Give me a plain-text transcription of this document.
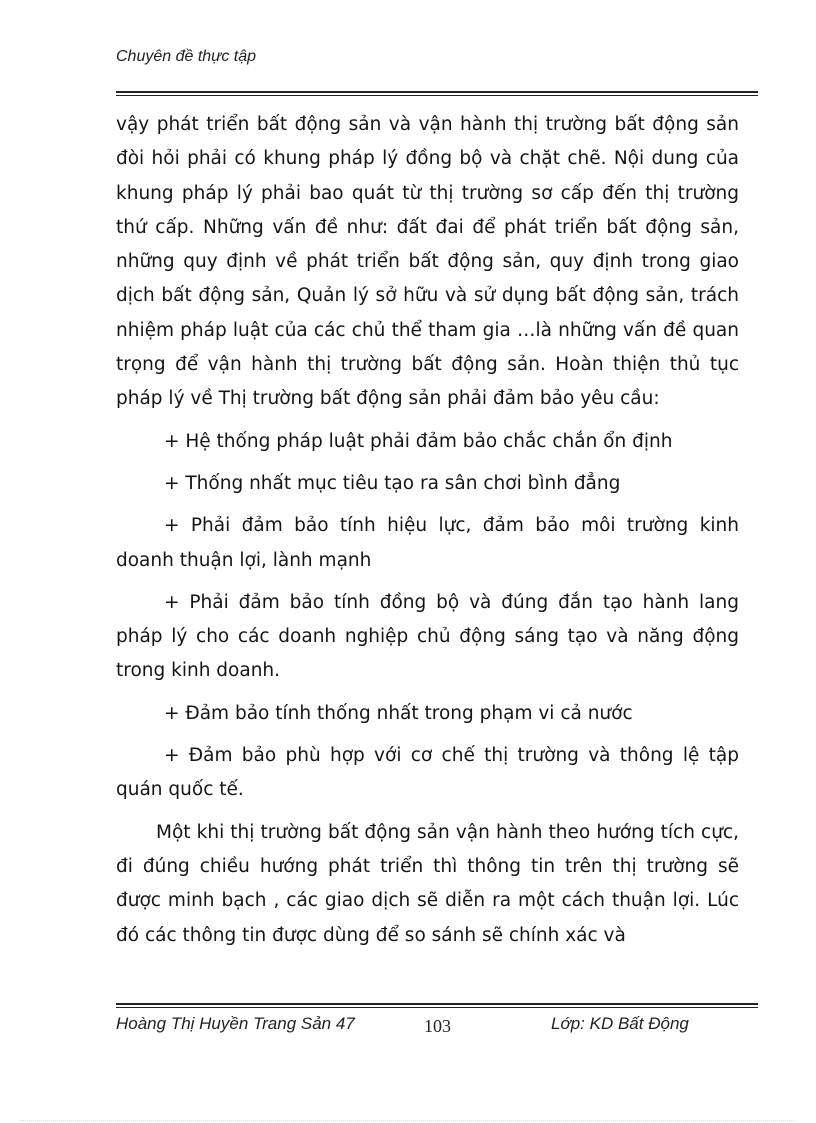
Chuyên đề thực tập

vậy phát triển bất động sản và vận hành thị trường bất động sản đòi hỏi phải có khung pháp lý đồng bộ và chặt chẽ. Nội dung của khung pháp lý phải bao quát từ thị trường sơ cấp đến thị trường thứ cấp. Những vấn đề như: đất đai để phát triển bất động sản, những quy định về phát triển bất động sản, quy định trong giao dịch bất động sản, Quản lý sở hữu và sử dụng bất động sản, trách nhiệm pháp luật của các chủ thể tham gia …là những vấn đề quan trọng để vận hành thị trường bất động sản. Hoàn thiện thủ tục pháp lý về Thị trường bất động sản phải đảm bảo yêu cầu:

+ Hệ thống pháp luật phải đảm bảo chắc chắn ổn định

+ Thống nhất mục tiêu tạo ra sân chơi bình đẳng

+ Phải đảm bảo tính hiệu lực, đảm bảo môi trường kinh doanh thuận lợi, lành mạnh

+ Phải đảm bảo tính đồng bộ và đúng đắn tạo hành lang pháp lý cho các doanh nghiệp chủ động sáng tạo và năng động trong kinh doanh.

+ Đảm bảo tính thống nhất trong phạm vi cả nước

+ Đảm bảo phù hợp với cơ chế thị trường và thông lệ tập quán quốc tế.

Một khi thị trường bất động sản vận hành theo hướng tích cực, đi đúng chiều hướng phát triển thì thông tin trên thị trường sẽ được minh bạch , các giao dịch sẽ diễn ra một cách thuận lợi. Lúc đó các thông tin được dùng để so sánh sẽ chính xác và

Hoàng Thị Huyền Trang Sản 47	103	Lớp: KD Bất Động
